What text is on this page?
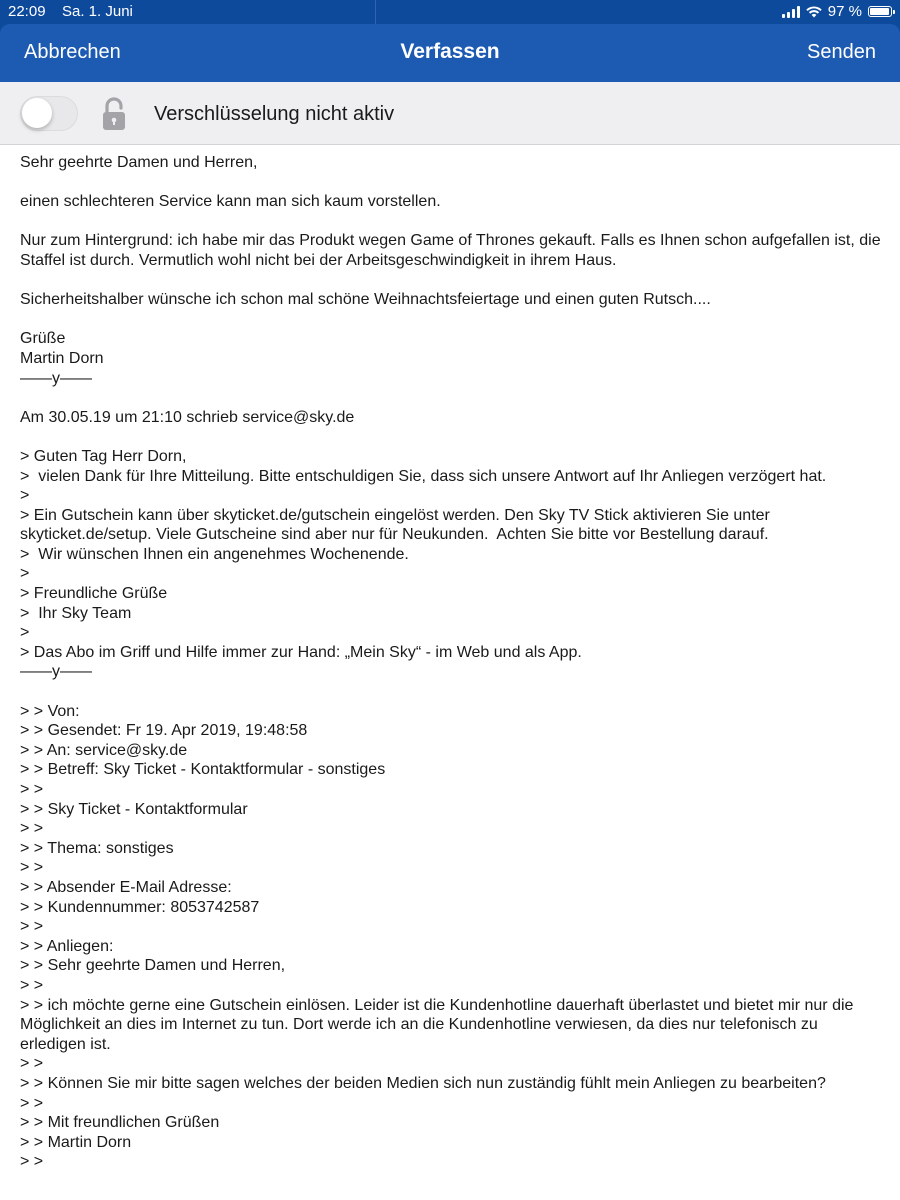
22:09 Sa. 1. Juni	97 %
Abbrechen	Verfassen	Senden
Verschlüsselung nicht aktiv
Sehr geehrte Damen und Herren,

einen schlechteren Service kann man sich kaum vorstellen.

Nur zum Hintergrund: ich habe mir das Produkt wegen Game of Thrones gekauft. Falls es Ihnen schon aufgefallen ist, die Staffel ist durch. Vermutlich wohl nicht bei der Arbeitsgeschwindigkeit in ihrem Haus.

Sicherheitshalber wünsche ich schon mal schöne Weihnachtsfeiertage und einen guten Rutsch....

Grüße
Martin Dorn
——y——

Am 30.05.19 um 21:10 schrieb service@sky.de

> Guten Tag Herr Dorn,
>  vielen Dank für Ihre Mitteilung. Bitte entschuldigen Sie, dass sich unsere Antwort auf Ihr Anliegen verzögert hat.
>
> Ein Gutschein kann über skyticket.de/gutschein eingelöst werden. Den Sky TV Stick aktivieren Sie unter skyticket.de/setup. Viele Gutscheine sind aber nur für Neukunden.  Achten Sie bitte vor Bestellung darauf.
>  Wir wünschen Ihnen ein angenehmes Wochenende.
>
> Freundliche Grüße
>  Ihr Sky Team
>
> Das Abo im Griff und Hilfe immer zur Hand: „Mein Sky“ - im Web und als App.
——y——

> > Von:
> > Gesendet: Fr 19. Apr 2019, 19:48:58
> > An: service@sky.de
> > Betreff: Sky Ticket - Kontaktformular - sonstiges
> >
> > Sky Ticket - Kontaktformular
> >
> > Thema: sonstiges
> >
> > Absender E-Mail Adresse:
> > Kundennummer: 8053742587
> >
> > Anliegen:
> > Sehr geehrte Damen und Herren,
> >
> > ich möchte gerne eine Gutschein einlösen. Leider ist die Kundenhotline dauerhaft überlastet und bietet mir nur die Möglichkeit an dies im Internet zu tun. Dort werde ich an die Kundenhotline verwiesen, da dies nur telefonisch zu erledigen ist.
> >
> > Können Sie mir bitte sagen welches der beiden Medien sich nun zuständig fühlt mein Anliegen zu bearbeiten?
> >
> > Mit freundlichen Grüßen
> > Martin Dorn
> >
